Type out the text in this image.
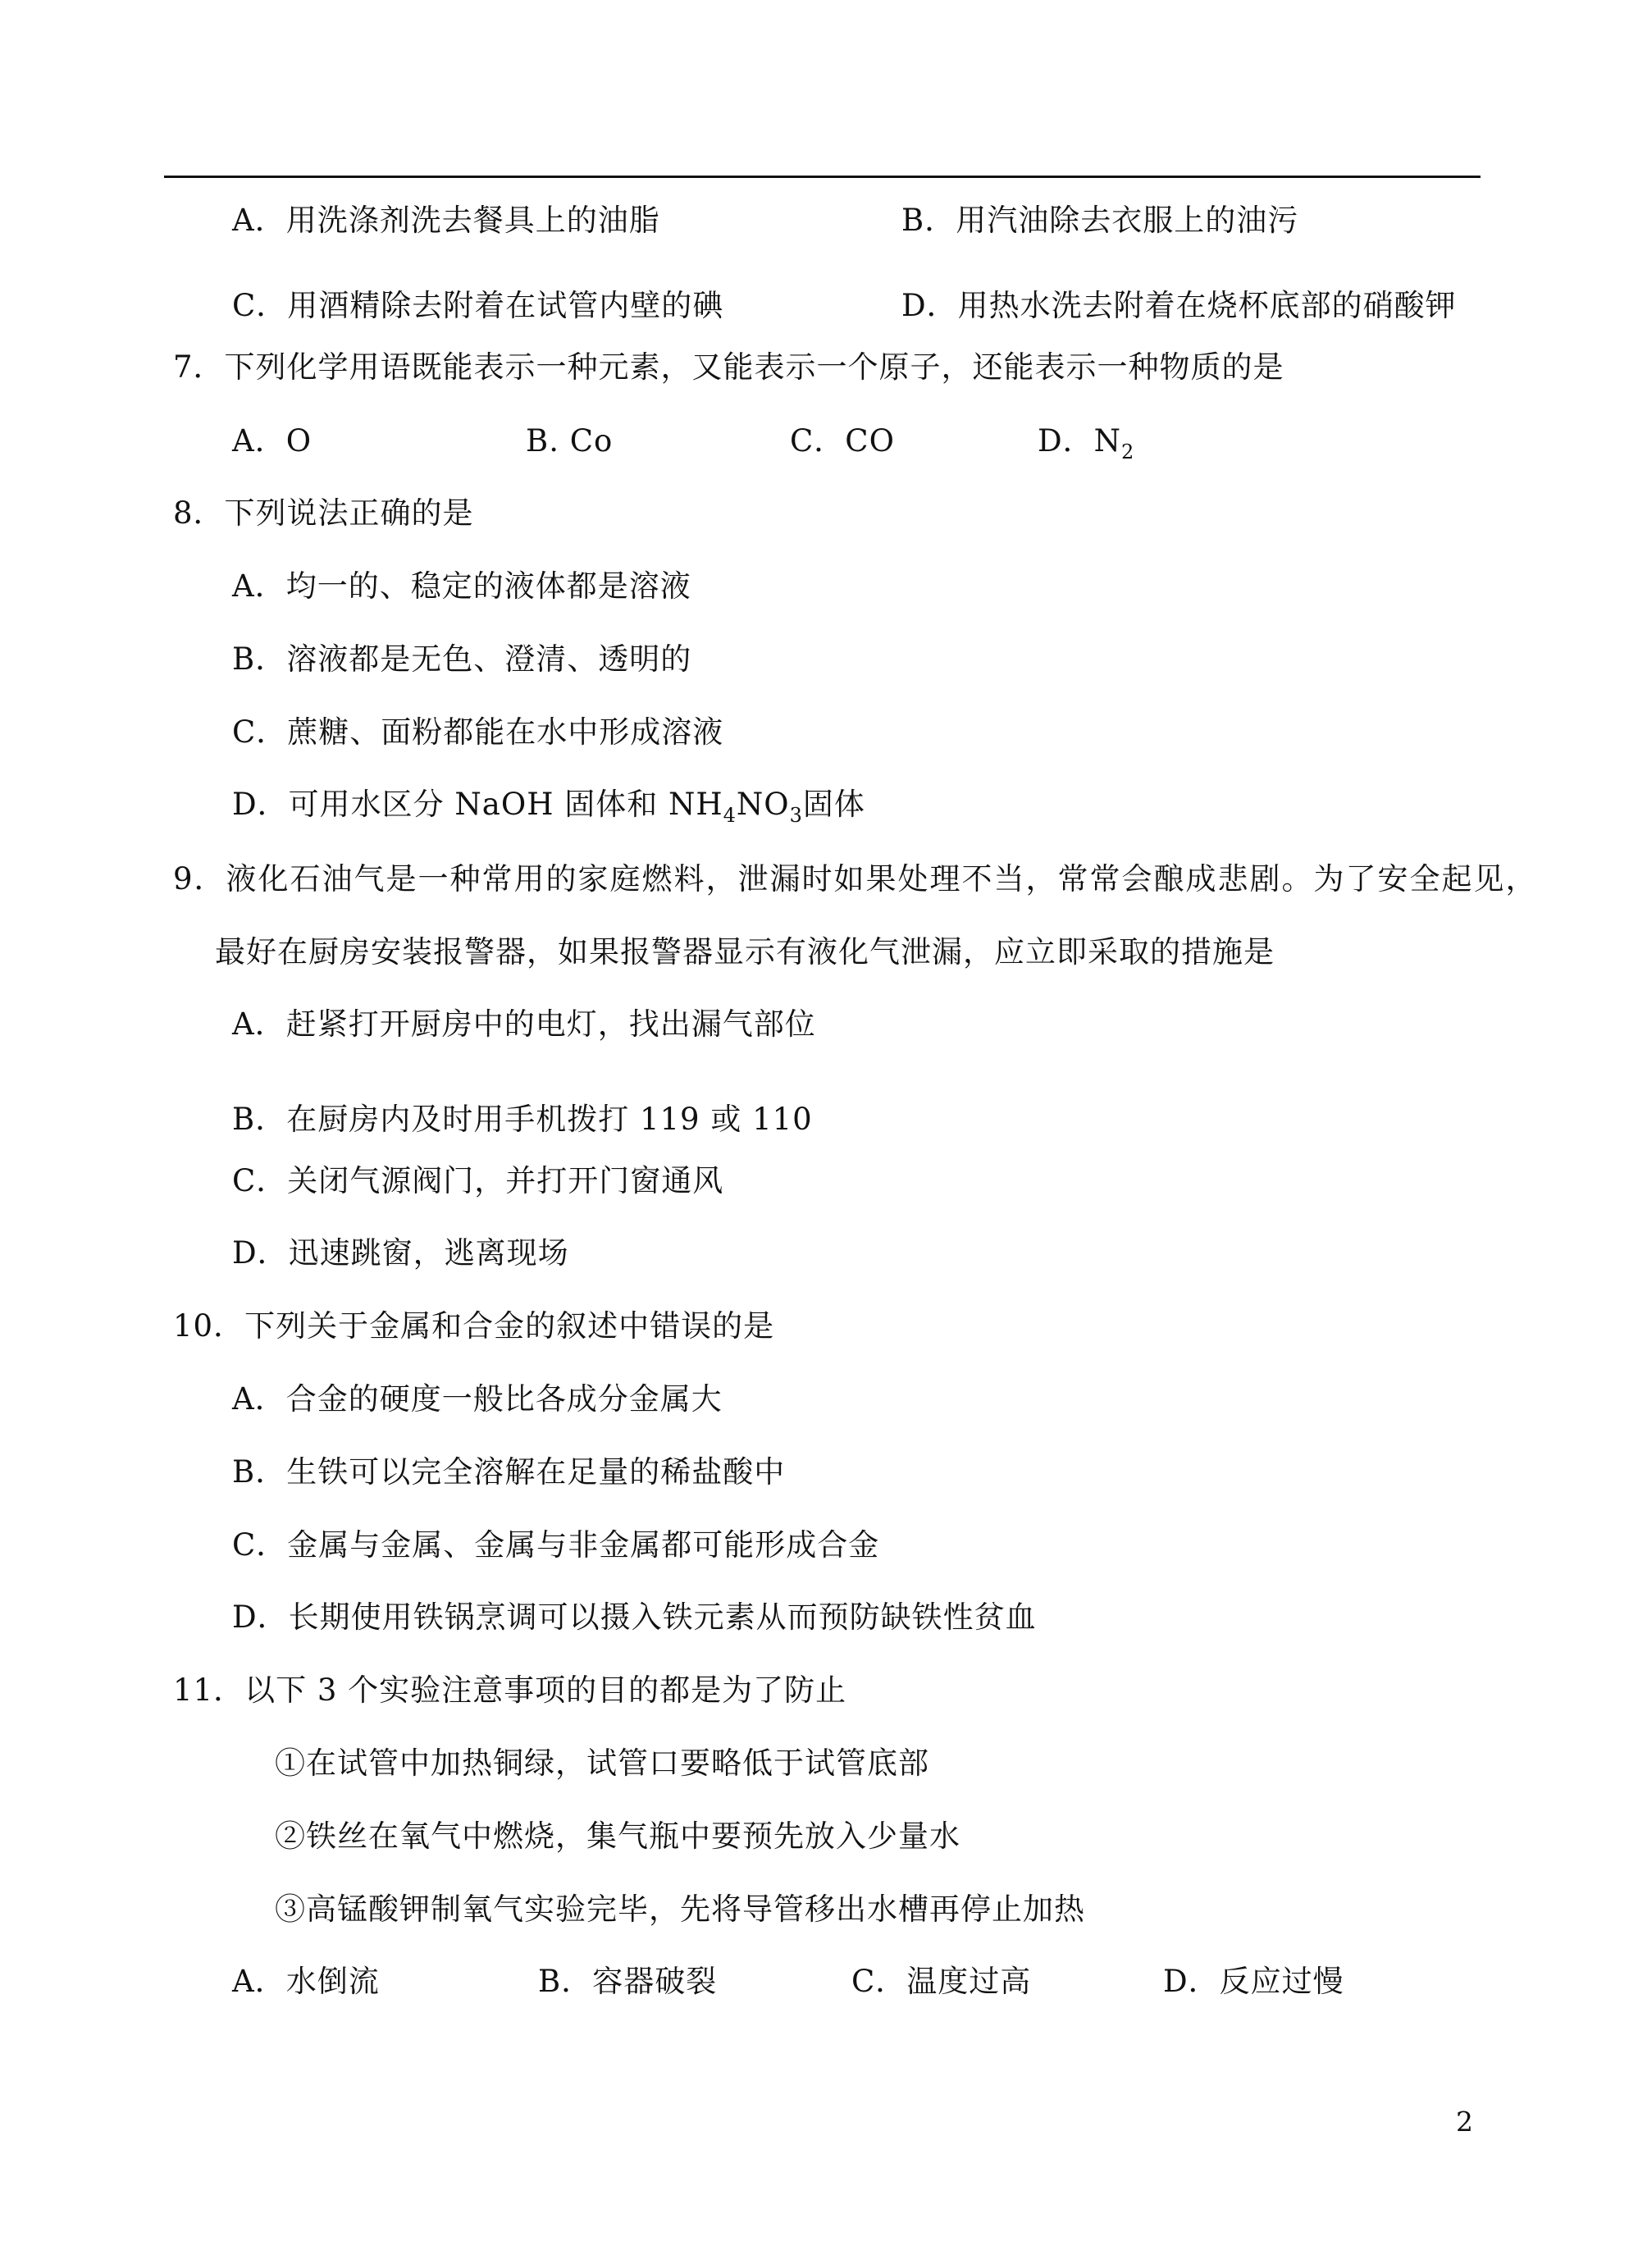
A．用洗涤剂洗去餐具上的油脂	B．用汽油除去衣服上的油污
C．用酒精除去附着在试管内壁的碘	D．用热水洗去附着在烧杯底部的硝酸钾
7．下列化学用语既能表示一种元素，又能表示一个原子，还能表示一种物质的是
A．O	B. Co	C．CO	D．$N_2$
8．下列说法正确的是
A．均一的、稳定的液体都是溶液
B．溶液都是无色、澄清、透明的
C．蔗糖、面粉都能在水中形成溶液
D．可用水区分 NaOH 固体和 $NH_4NO_3$固体
9．液化石油气是一种常用的家庭燃料，泄漏时如果处理不当，常常会酿成悲剧。为了安全起见，
最好在厨房安装报警器，如果报警器显示有液化气泄漏，应立即采取的措施是
A．赶紧打开厨房中的电灯，找出漏气部位
B．在厨房内及时用手机拨打 119 或 110
C．关闭气源阀门，并打开门窗通风
D．迅速跳窗，逃离现场
10．下列关于金属和合金的叙述中错误的是
A．合金的硬度一般比各成分金属大
B．生铁可以完全溶解在足量的稀盐酸中
C．金属与金属、金属与非金属都可能形成合金
D．长期使用铁锅烹调可以摄入铁元素从而预防缺铁性贫血
11．以下 3 个实验注意事项的目的都是为了防止
①在试管中加热铜绿，试管口要略低于试管底部
②铁丝在氧气中燃烧，集气瓶中要预先放入少量水
③高锰酸钾制氧气实验完毕，先将导管移出水槽再停止加热
A．水倒流	B．容器破裂	C．温度过高	D．反应过慢
2
